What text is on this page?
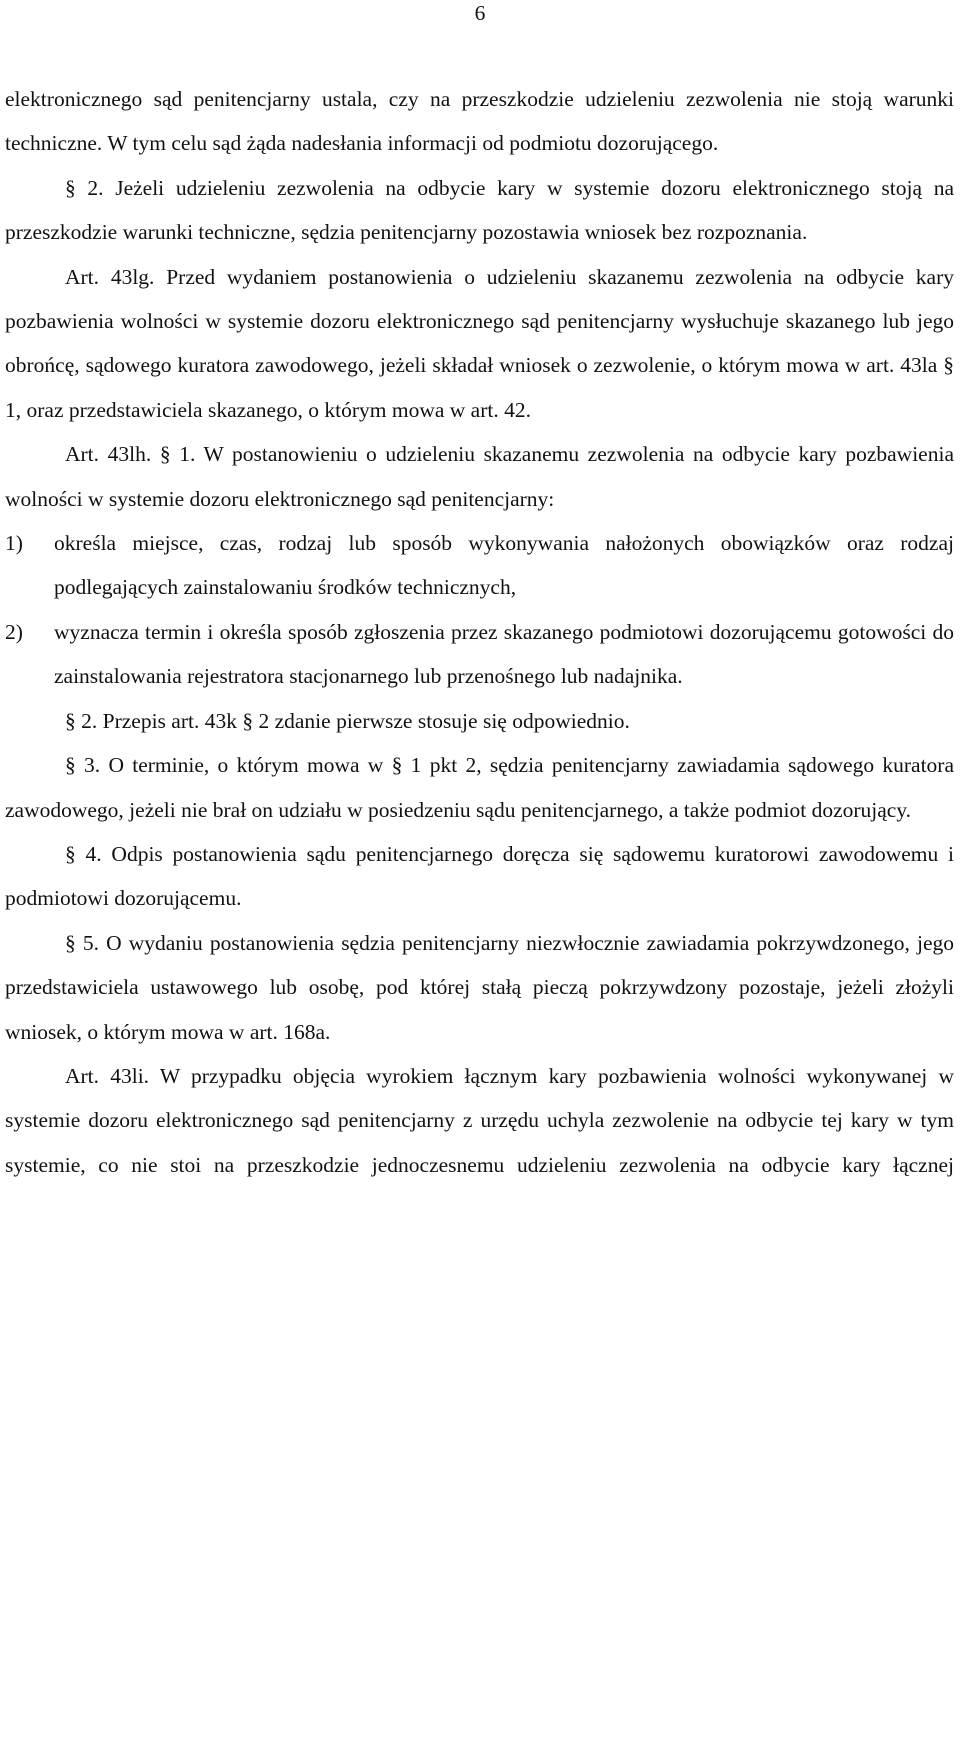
6

elektronicznego sąd penitencjarny ustala, czy na przeszkodzie udzieleniu zezwolenia nie stoją warunki techniczne. W tym celu sąd żąda nadesłania informacji od podmiotu dozorującego.

§ 2. Jeżeli udzieleniu zezwolenia na odbycie kary w systemie dozoru elektronicznego stoją na przeszkodzie warunki techniczne, sędzia penitencjarny pozostawia wniosek bez rozpoznania.

Art. 43lg. Przed wydaniem postanowienia o udzieleniu skazanemu zezwolenia na odbycie kary pozbawienia wolności w systemie dozoru elektronicznego sąd penitencjarny wysłuchuje skazanego lub jego obrońcę, sądowego kuratora zawodowego, jeżeli składał wniosek o zezwolenie, o którym mowa w art. 43la § 1, oraz przedstawiciela skazanego, o którym mowa w art. 42.

Art. 43lh. § 1. W postanowieniu o udzieleniu skazanemu zezwolenia na odbycie kary pozbawienia wolności w systemie dozoru elektronicznego sąd penitencjarny:

1)	określa miejsce, czas, rodzaj lub sposób wykonywania nałożonych obowiązków oraz rodzaj podlegających zainstalowaniu środków technicznych,
2)	wyznacza termin i określa sposób zgłoszenia przez skazanego podmiotowi dozorującemu gotowości do zainstalowania rejestratora stacjonarnego lub przenośnego lub nadajnika.

§ 2. Przepis art. 43k § 2 zdanie pierwsze stosuje się odpowiednio.

§ 3. O terminie, o którym mowa w § 1 pkt 2, sędzia penitencjarny zawiadamia sądowego kuratora zawodowego, jeżeli nie brał on udziału w posiedzeniu sądu penitencjarnego, a także podmiot dozorujący.

§ 4. Odpis postanowienia sądu penitencjarnego doręcza się sądowemu kuratorowi zawodowemu i podmiotowi dozorującemu.

§ 5. O wydaniu postanowienia sędzia penitencjarny niezwłocznie zawiadamia pokrzywdzonego, jego przedstawiciela ustawowego lub osobę, pod której stałą pieczą pokrzywdzony pozostaje, jeżeli złożyli wniosek, o którym mowa w art. 168a.

Art. 43li. W przypadku objęcia wyrokiem łącznym kary pozbawienia wolności wykonywanej w systemie dozoru elektronicznego sąd penitencjarny z urzędu uchyla zezwolenie na odbycie tej kary w tym systemie, co nie stoi na przeszkodzie jednoczesnemu udzieleniu zezwolenia na odbycie kary łącznej
